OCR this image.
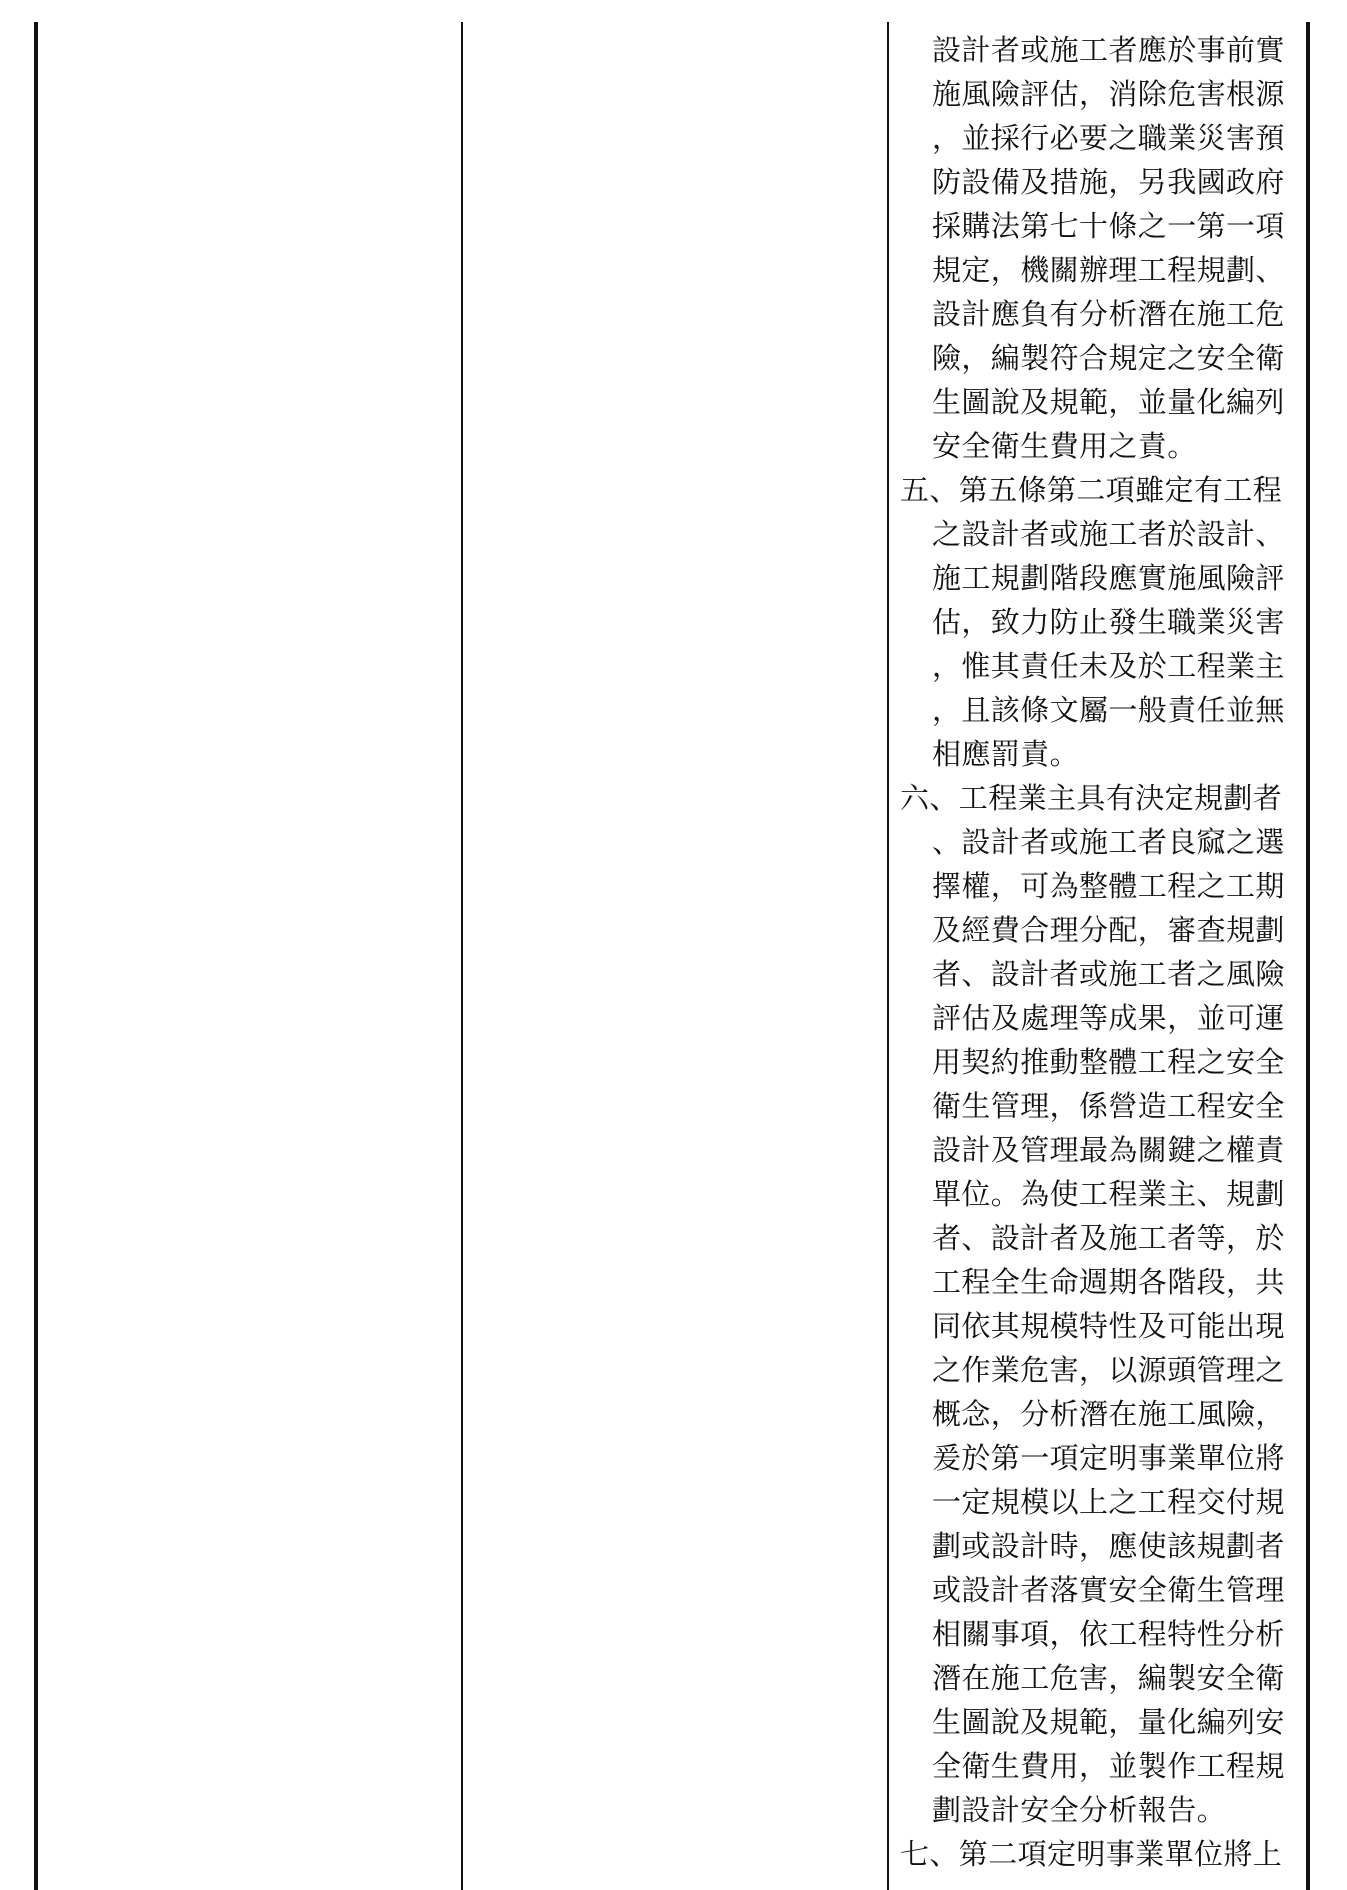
設計者或施工者應於事前實
施風險評估，消除危害根源
，並採行必要之職業災害預
防設備及措施，另我國政府
採購法第七十條之一第一項
規定，機關辦理工程規劃、
設計應負有分析潛在施工危
險，編製符合規定之安全衛
生圖說及規範，並量化編列
安全衛生費用之責。
五、第五條第二項雖定有工程
之設計者或施工者於設計、
施工規劃階段應實施風險評
估，致力防止發生職業災害
，惟其責任未及於工程業主
，且該條文屬一般責任並無
相應罰責。
六、工程業主具有決定規劃者
、設計者或施工者良窳之選
擇權，可為整體工程之工期
及經費合理分配，審查規劃
者、設計者或施工者之風險
評估及處理等成果，並可運
用契約推動整體工程之安全
衛生管理，係營造工程安全
設計及管理最為關鍵之權責
單位。為使工程業主、規劃
者、設計者及施工者等，於
工程全生命週期各階段，共
同依其規模特性及可能出現
之作業危害，以源頭管理之
概念，分析潛在施工風險，
爰於第一項定明事業單位將
一定規模以上之工程交付規
劃或設計時，應使該規劃者
或設計者落實安全衛生管理
相關事項，依工程特性分析
潛在施工危害，編製安全衛
生圖說及規範，量化編列安
全衛生費用，並製作工程規
劃設計安全分析報告。
七、第二項定明事業單位將上
